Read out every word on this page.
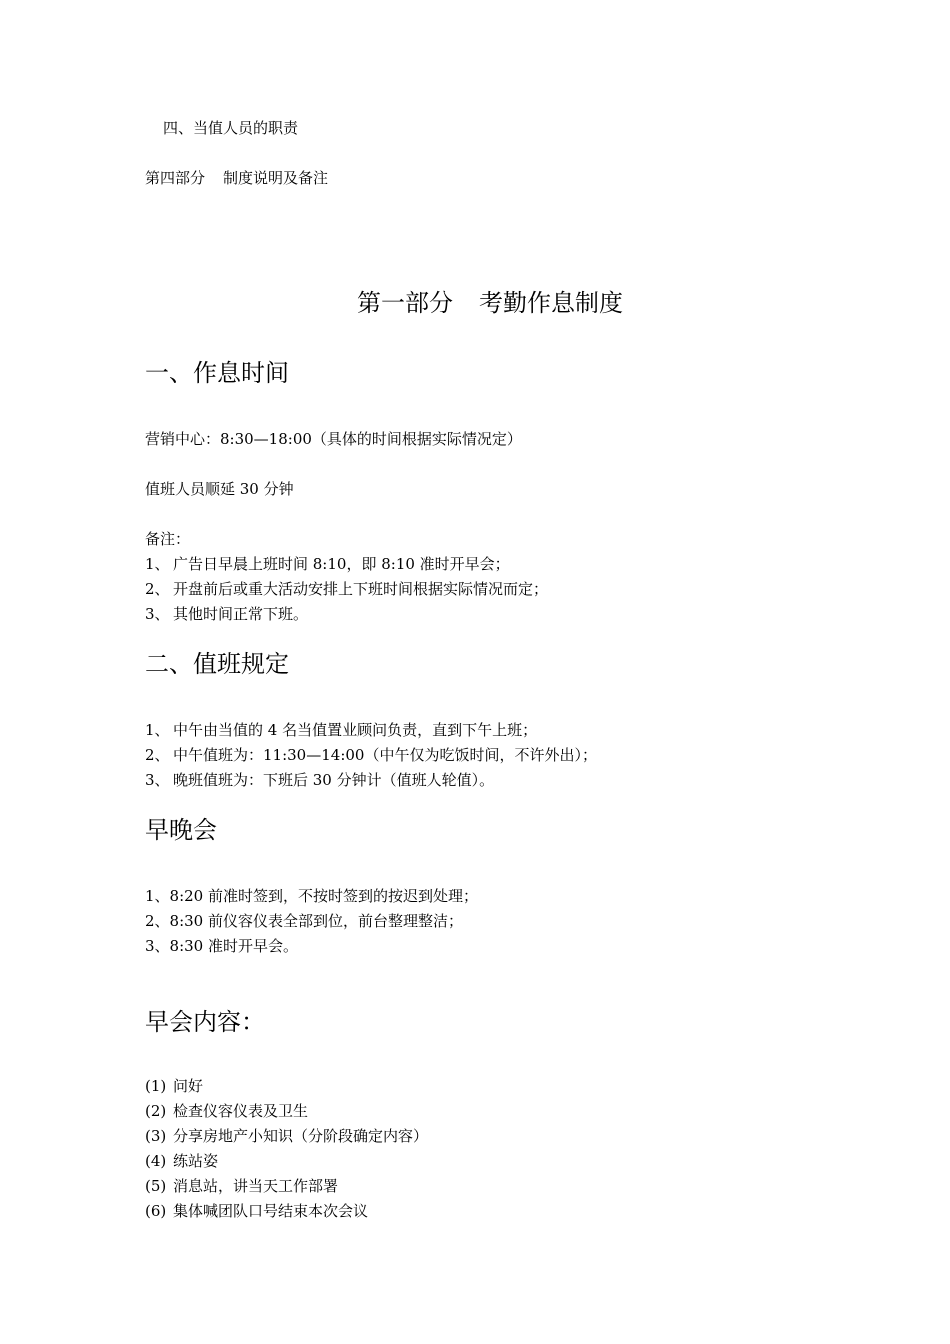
四、当值人员的职责
第四部分 制度说明及备注
第一部分 考勤作息制度
一、作息时间
营销中心：8:30—18:00（具体的时间根据实际情况定）
值班人员顺延 30 分钟
备注：
1、 广告日早晨上班时间 8:10，即 8:10 准时开早会；
2、 开盘前后或重大活动安排上下班时间根据实际情况而定；
3、 其他时间正常下班。
二、值班规定
1、 中午由当值的 4 名当值置业顾问负责，直到下午上班；
2、 中午值班为：11:30—14:00（中午仅为吃饭时间，不许外出）；
3、 晚班值班为：下班后 30 分钟计（值班人轮值）。
早晚会
1、8:20 前准时签到，不按时签到的按迟到处理；
2、8:30 前仪容仪表全部到位，前台整理整洁；
3、8:30 准时开早会。
早会内容：
(1) 问好
(2) 检查仪容仪表及卫生
(3) 分享房地产小知识（分阶段确定内容）
(4) 练站姿
(5) 消息站，讲当天工作部署
(6) 集体喊团队口号结束本次会议
